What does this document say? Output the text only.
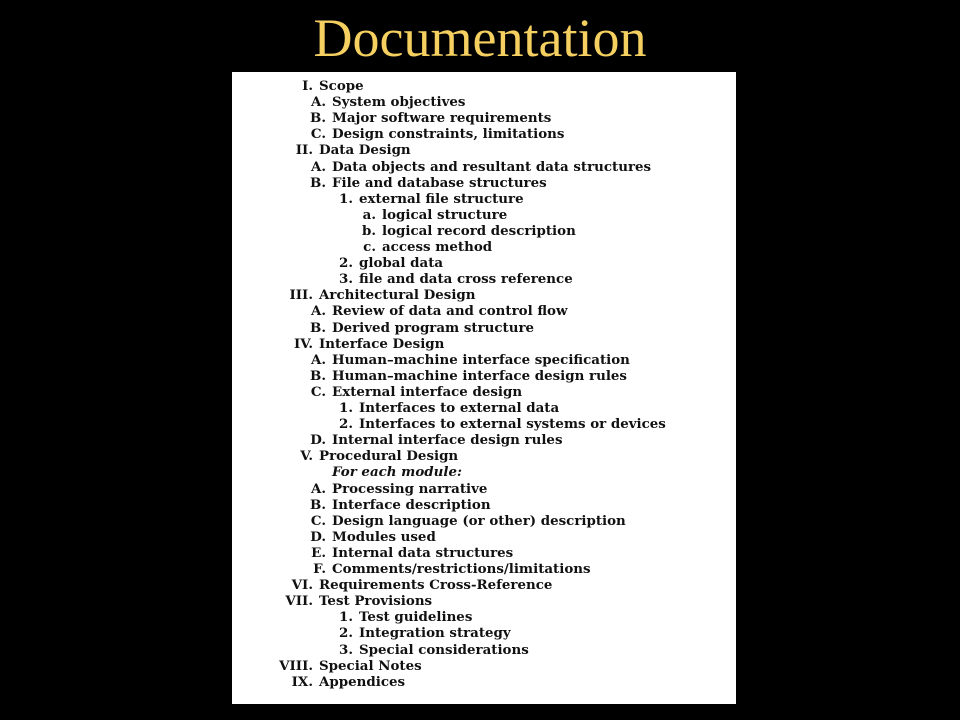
Documentation
I. Scope
A. System objectives
B. Major software requirements
C. Design constraints, limitations
II. Data Design
A. Data objects and resultant data structures
B. File and database structures
1. external file structure
a. logical structure
b. logical record description
c. access method
2. global data
3. file and data cross reference
III. Architectural Design
A. Review of data and control flow
B. Derived program structure
IV. Interface Design
A. Human–machine interface specification
B. Human–machine interface design rules
C. External interface design
1. Interfaces to external data
2. Interfaces to external systems or devices
D. Internal interface design rules
V. Procedural Design
For each module:
A. Processing narrative
B. Interface description
C. Design language (or other) description
D. Modules used
E. Internal data structures
F. Comments/restrictions/limitations
VI. Requirements Cross-Reference
VII. Test Provisions
1. Test guidelines
2. Integration strategy
3. Special considerations
VIII. Special Notes
IX. Appendices
